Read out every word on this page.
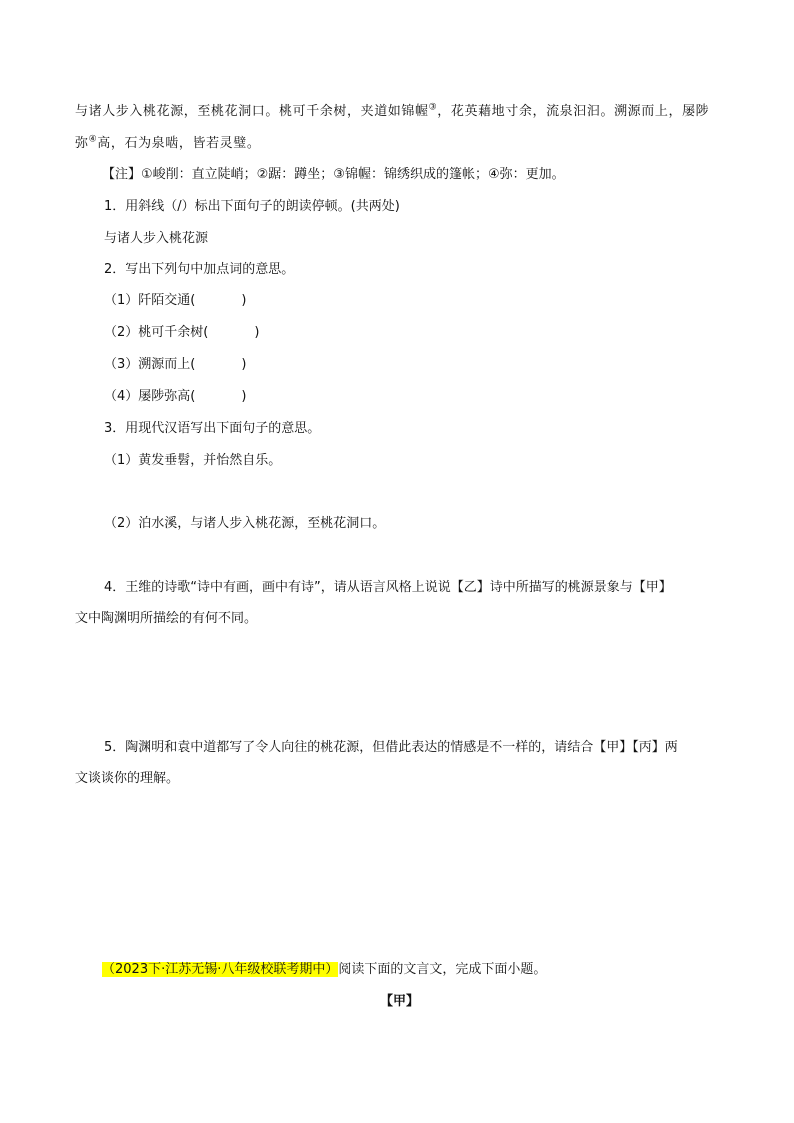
与诸人步入桃花源，至桃花洞口。桃可千余树，夹道如锦幄③，花英藉地寸余，流泉汩汩。溯源而上，屡陟
弥④高，石为泉啮，皆若灵璧。
【注】①峻削：直立陡峭；②踞：蹲坐；③锦幄：锦绣织成的篷帐；④弥：更加。
1．用斜线（/）标出下面句子的朗读停顿。(共两处)
与诸人步入桃花源
2．写出下列句中加点词的意思。
（1）阡陌交通(	)
（2）桃可千余树(	)
（3）溯源而上(	)
（4）屡陟弥高(	)
3．用现代汉语写出下面句子的意思。
（1）黄发垂髫，并怡然自乐。
（2）泊水溪，与诸人步入桃花源，至桃花洞口。
4．王维的诗歌“诗中有画，画中有诗”，请从语言风格上说说【乙】诗中所描写的桃源景象与【甲】
文中陶渊明所描绘的有何不同。
5．陶渊明和袁中道都写了令人向往的桃花源，但借此表达的情感是不一样的，请结合【甲】【丙】两
文谈谈你的理解。
（2023下·江苏无锡·八年级校联考期中）阅读下面的文言文，完成下面小题。
【甲】
